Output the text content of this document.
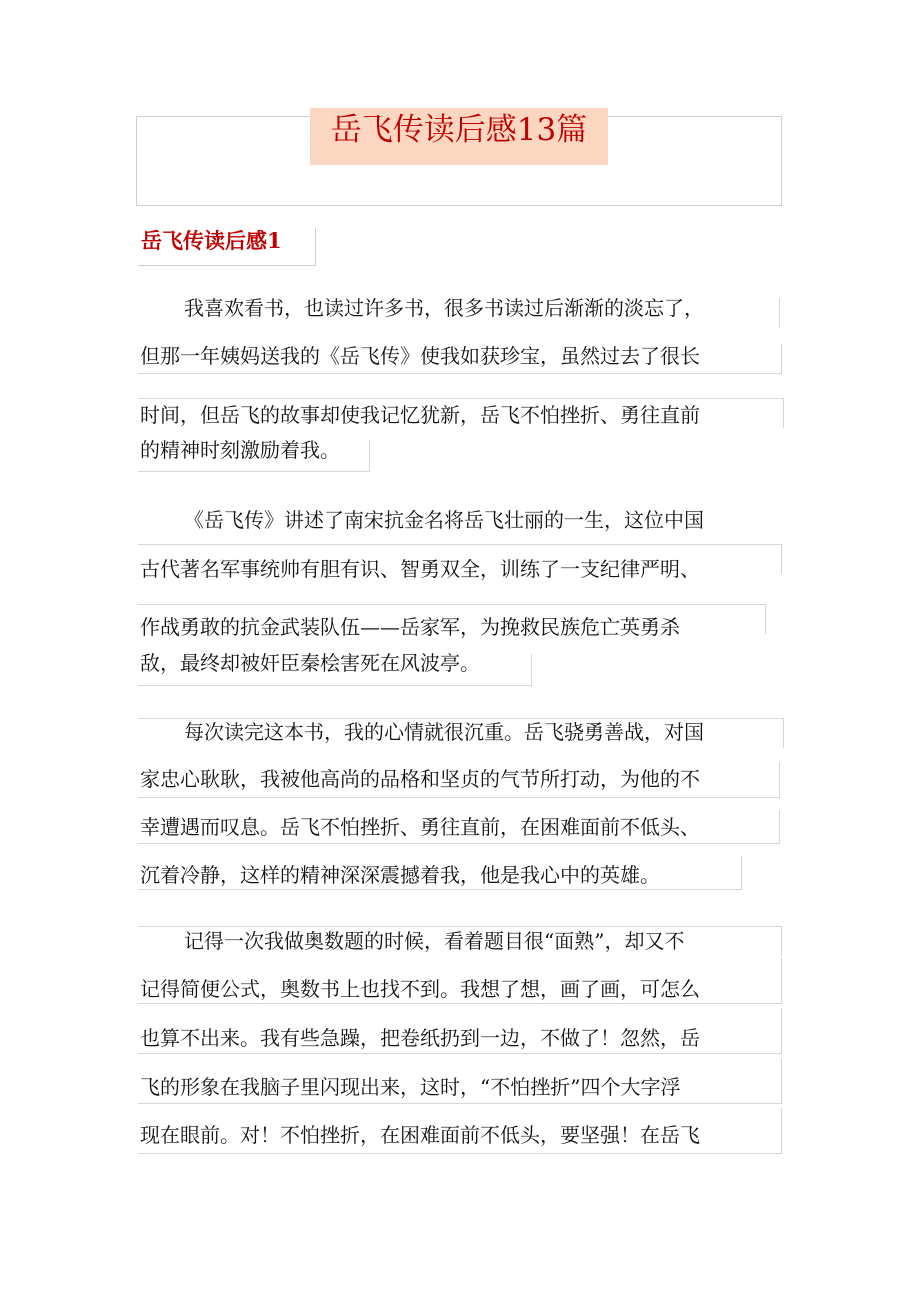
岳飞传读后感13篇
岳飞传读后感1
我喜欢看书，也读过许多书，很多书读过后渐渐的淡忘了，
但那一年姨妈送我的《岳飞传》使我如获珍宝，虽然过去了很长
时间，但岳飞的故事却使我记忆犹新，岳飞不怕挫折、勇往直前
的精神时刻激励着我。
《岳飞传》讲述了南宋抗金名将岳飞壮丽的一生，这位中国
古代著名军事统帅有胆有识、智勇双全，训练了一支纪律严明、
作战勇敢的抗金武装队伍——岳家军，为挽救民族危亡英勇杀
敌，最终却被奸臣秦桧害死在风波亭。
每次读完这本书，我的心情就很沉重。岳飞骁勇善战，对国
家忠心耿耿，我被他高尚的品格和坚贞的气节所打动，为他的不
幸遭遇而叹息。岳飞不怕挫折、勇往直前，在困难面前不低头、
沉着冷静，这样的精神深深震撼着我，他是我心中的英雄。
记得一次我做奥数题的时候，看着题目很“面熟”，却又不
记得简便公式，奥数书上也找不到。我想了想，画了画，可怎么
也算不出来。我有些急躁，把卷纸扔到一边，不做了！忽然，岳
飞的形象在我脑子里闪现出来，这时，“不怕挫折”四个大字浮
现在眼前。对！不怕挫折，在困难面前不低头，要坚强！在岳飞
